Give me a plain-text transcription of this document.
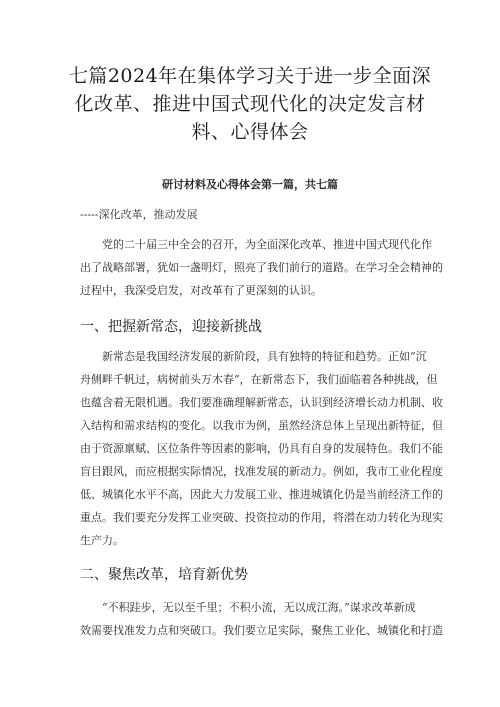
七篇2024年在集体学习关于进一步全面深
化改革、推进中国式现代化的决定发言材
料、心得体会
研讨材料及心得体会第一篇，共七篇
-----深化改革，推动发展

党的二十届三中全会的召开，为全面深化改革、推进中国式现代化作
出了战略部署，犹如一盏明灯，照亮了我们前行的道路。在学习全会精神的
过程中，我深受启发，对改革有了更深刻的认识。

一、把握新常态，迎接新挑战

新常态是我国经济发展的新阶段，具有独特的特征和趋势。正如“沉
舟侧畔千帆过，病树前头万木春“，在新常态下，我们面临着各种挑战，但
也蕴含着无限机遇。我们要准确理解新常态，认识到经济增长动力机制、收
入结构和需求结构的变化。以我市为例，虽然经济总体上呈现出新特征，但
由于资源禀赋、区位条件等因素的影响，仍具有自身的发展特色。我们不能
盲目跟风，而应根据实际情况，找准发展的新动力。例如，我市工业化程度
低、城镇化水平不高，因此大力发展工业、推进城镇化仍是当前经济工作的
重点。我们要充分发挥工业突破、投资拉动的作用，将潜在动力转化为现实
生产力。

二、聚焦改革，培育新优势

“不积跬步，无以至千里；不积小流，无以成江海。”谋求改革新成
效需要找准发力点和突破口。我们要立足实际，聚焦工业化、城镇化和打造
